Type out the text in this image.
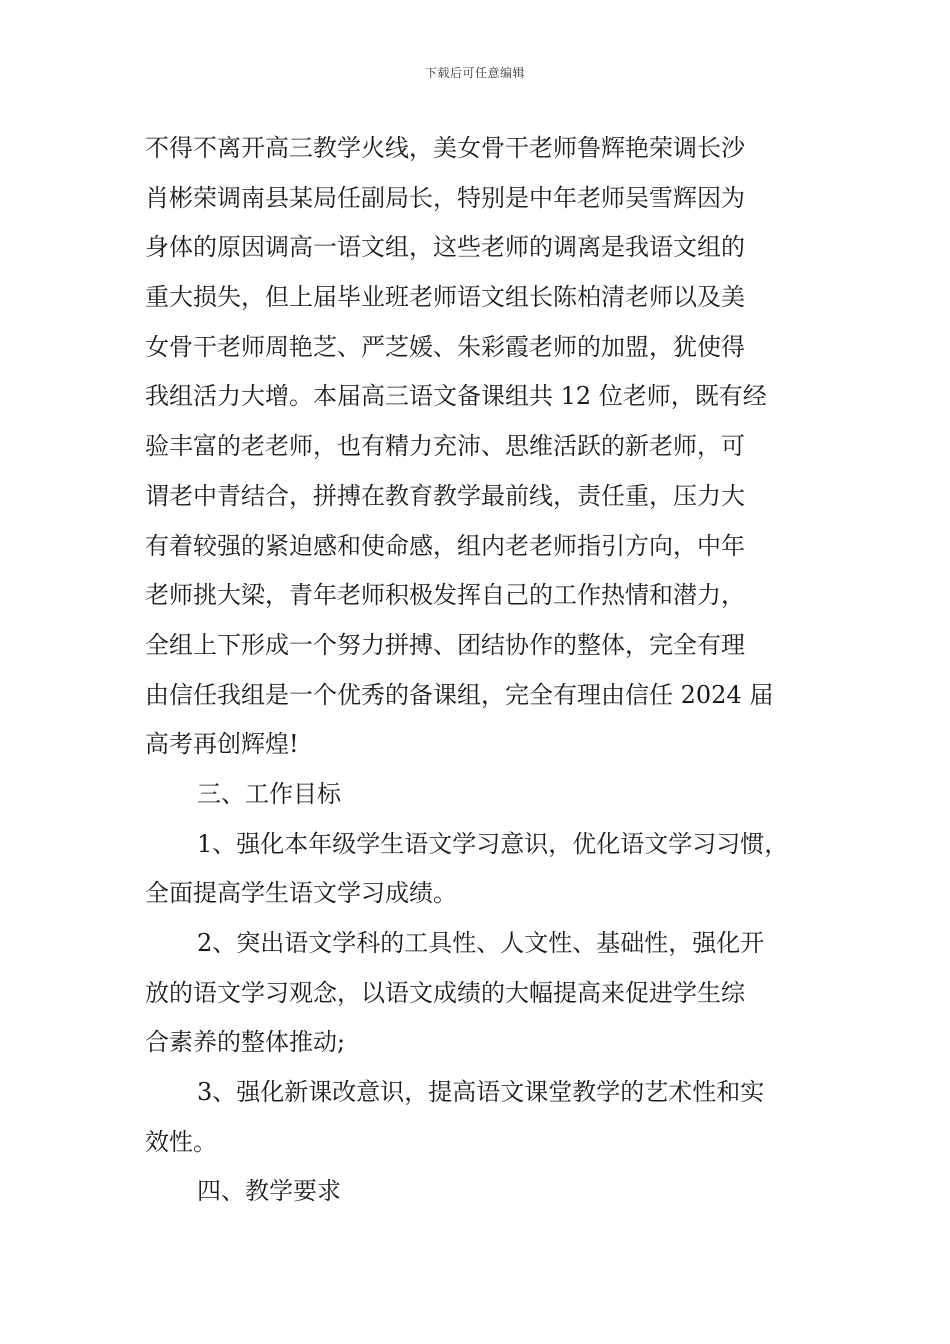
下载后可任意编辑
不得不离开高三教学火线，美女骨干老师鲁辉艳荣调长沙
肖彬荣调南县某局任副局长，特别是中年老师吴雪辉因为
身体的原因调高一语文组，这些老师的调离是我语文组的
重大损失，但上届毕业班老师语文组长陈柏清老师以及美
女骨干老师周艳芝、严芝媛、朱彩霞老师的加盟，犹使得
我组活力大增。本届高三语文备课组共 12 位老师，既有经
验丰富的老老师，也有精力充沛、思维活跃的新老师，可
谓老中青结合，拼搏在教育教学最前线，责任重，压力大
有着较强的紧迫感和使命感，组内老老师指引方向，中年
老师挑大梁，青年老师积极发挥自己的工作热情和潜力，
全组上下形成一个努力拼搏、团结协作的整体，完全有理
由信任我组是一个优秀的备课组，完全有理由信任 2024 届
高考再创辉煌!
三、工作目标
1、强化本年级学生语文学习意识，优化语文学习习惯，
全面提高学生语文学习成绩。
2、突出语文学科的工具性、人文性、基础性，强化开
放的语文学习观念，以语文成绩的大幅提高来促进学生综
合素养的整体推动;
3、强化新课改意识，提高语文课堂教学的艺术性和实
效性。
四、教学要求
